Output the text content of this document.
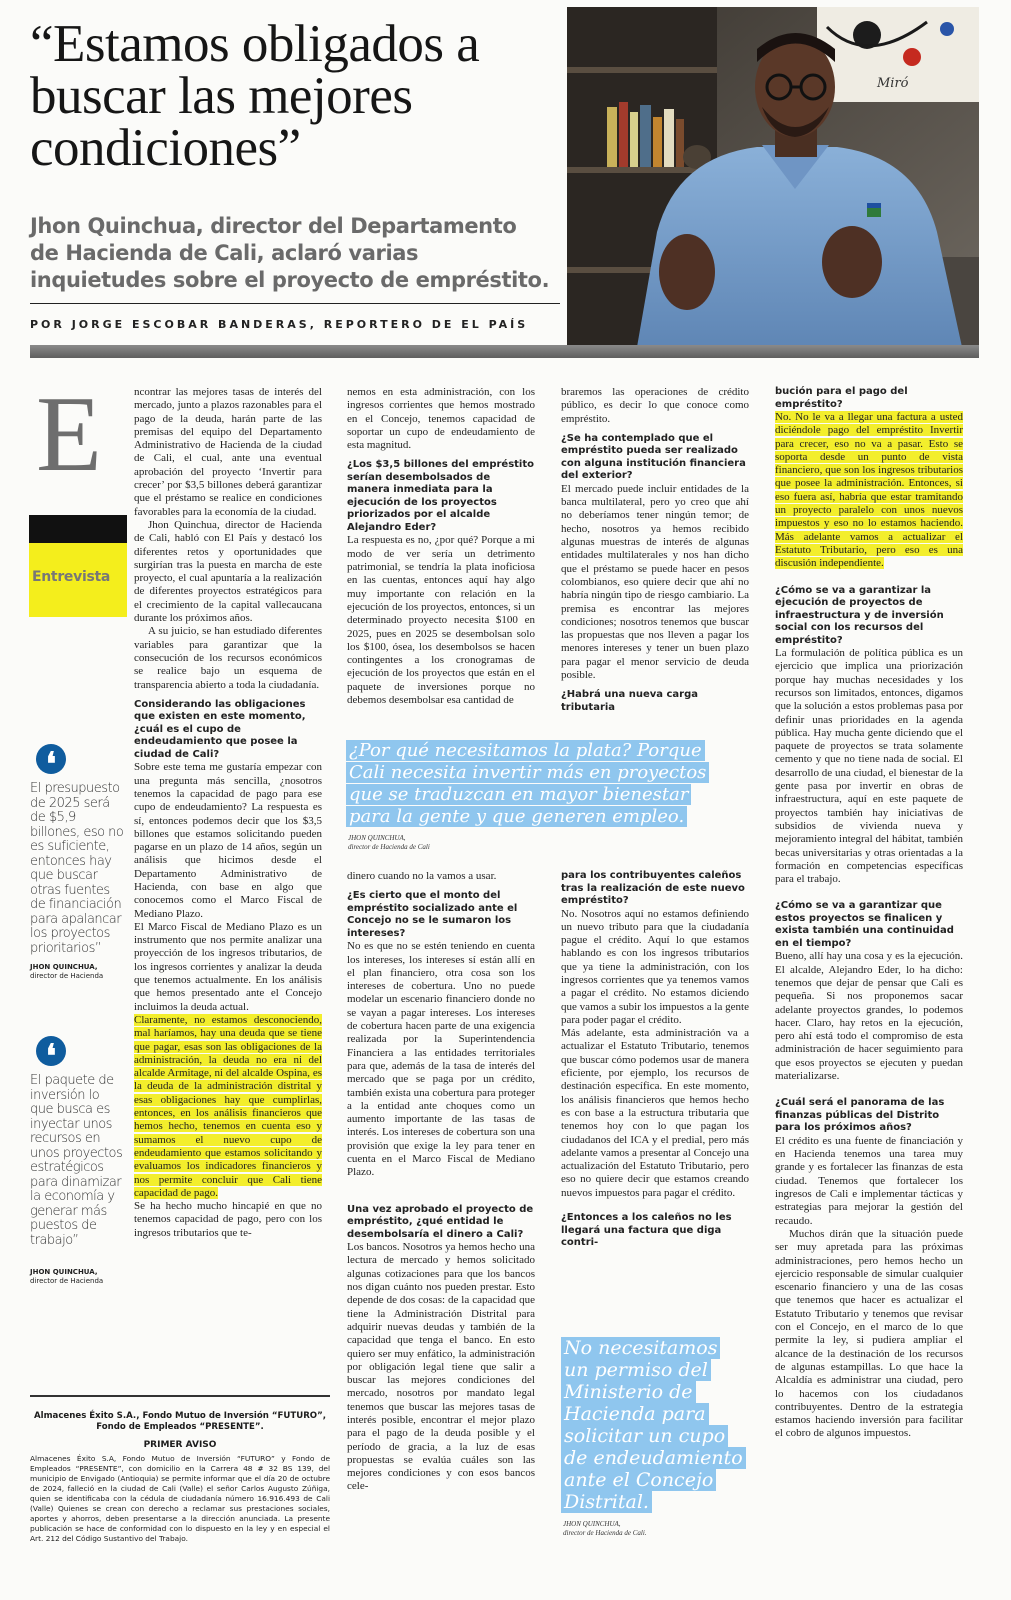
“Estamos obligados a buscar las mejores condiciones”
Jhon Quinchua, director del Departamento de Hacienda de Cali, aclaró varias inquietudes sobre el proyecto de empréstito.
POR JORGE ESCOBAR BANDERAS, REPORTERO DE EL PAÍS
Miró
E
Entrevista
❛
El presupuesto de 2025 será de $5,9 billones, eso no es suficiente, entonces hay que buscar otras fuentes de financiación para apalancar los proyectos prioritarios”
JHON QUINCHUA,
director de Hacienda
❛
El paquete de inversión lo que busca es inyectar unos recursos en unos proyectos estratégicos para dinamizar la economía y generar más puestos de trabajo”
JHON QUINCHUA,
director de Hacienda

ncontrar las mejores tasas de interés del mercado, junto a plazos razonables para el pago de la deuda, harán parte de las premisas del equipo del Departamento Administrativo de Hacienda de la ciudad de Cali, el cual, ante una eventual aprobación del proyecto ‘Invertir para crecer’ por $3,5 billones deberá garantizar que el préstamo se realice en condiciones favorables para la economía de la ciudad.

Jhon Quinchua, director de Hacienda de Cali, habló con El País y destacó los diferentes retos y oportunidades que surgirían tras la puesta en marcha de este proyecto, el cual apuntaría a la realización de diferentes proyectos estratégicos para el crecimiento de la capital vallecaucana durante los próximos años.

A su juicio, se han estudiado diferentes variables para garantizar que la consecución de los recursos económicos se realice bajo un esquema de transparencia abierto a toda la ciudadanía.

Considerando las obligaciones que existen en este momento, ¿cuál es el cupo de endeudamiento que posee la ciudad de Cali?

Sobre este tema me gustaría empezar con una pregunta más sencilla, ¿nosotros tenemos la capacidad de pago para ese cupo de endeudamiento? La respuesta es sí, entonces podemos decir que los $3,5 billones que estamos solicitando pueden pagarse en un plazo de 14 años, según un análisis que hicimos desde el Departamento Administrativo de Hacienda, con base en algo que conocemos como el Marco Fiscal de Mediano Plazo.

El Marco Fiscal de Mediano Plazo es un instrumento que nos permite analizar una proyección de los ingresos tributarios, de los ingresos corrientes y analizar la deuda que tenemos actualmente. En los análisis que hemos presentado ante el Concejo incluimos la deuda actual.

Claramente, no estamos desconociendo, mal haríamos, hay una deuda que se tiene que pagar, esas son las obligaciones de la administración, la deuda no era ni del alcalde Armitage, ni del alcalde Ospina, es la deuda de la administración distrital y esas obligaciones hay que cumplirlas, entonces, en los análisis financieros que hemos hecho, tenemos en cuenta eso y sumamos el nuevo cupo de endeudamiento que estamos solicitando y evaluamos los indicadores financieros y nos permite concluir que Cali tiene capacidad de pago.

Se ha hecho mucho hincapié en que no tenemos capacidad de pago, pero con los ingresos tributarios que te-

nemos en esta administración, con los ingresos corrientes que hemos mostrado en el Concejo, tenemos capacidad de soportar un cupo de endeudamiento de esta magnitud.

¿Los $3,5 billones del empréstito serían desembolsados de manera inmediata para la ejecución de los proyectos priorizados por el alcalde Alejandro Eder?

La respuesta es no, ¿por qué? Porque a mi modo de ver sería un detrimento patrimonial, se tendría la plata inoficiosa en las cuentas, entonces aquí hay algo muy importante con relación en la ejecución de los proyectos, entonces, si un determinado proyecto necesita $100 en 2025, pues en 2025 se desembolsan solo los $100, ósea, los desembolsos se hacen contingentes a los cronogramas de ejecución de los proyectos que están en el paquete de inversiones porque no debemos desembolsar esa cantidad de

braremos las operaciones de crédito público, es decir lo que conoce como empréstito.

¿Se ha contemplado que el empréstito pueda ser realizado con alguna institución financiera del exterior?

El mercado puede incluir entidades de la banca multilateral, pero yo creo que ahí no deberíamos tener ningún temor; de hecho, nosotros ya hemos recibido algunas muestras de interés de algunas entidades multilaterales y nos han dicho que el préstamo se puede hacer en pesos colombianos, eso quiere decir que ahí no habría ningún tipo de riesgo cambiario. La premisa es encontrar las mejores condiciones; nosotros tenemos que buscar las propuestas que nos lleven a pagar los menores intereses y tener un buen plazo para pagar el menor servicio de deuda posible.

¿Habrá una nueva carga tributaria
¿Por qué necesitamos la plata? Porque Cali necesita invertir más en proyectos que se traduzcan en mayor bienestar para la gente y que generen empleo.
JHON QUINCHUA,
director de Hacienda de Cali

dinero cuando no la vamos a usar.

¿Es cierto que el monto del empréstito socializado ante el Concejo no se le sumaron los intereses?

No es que no se estén teniendo en cuenta los intereses, los intereses sí están allí en el plan financiero, otra cosa son los intereses de cobertura. Uno no puede modelar un escenario financiero donde no se vayan a pagar intereses. Los intereses de cobertura hacen parte de una exigencia realizada por la Superintendencia Financiera a las entidades territoriales para que, además de la tasa de interés del mercado que se paga por un crédito, también exista una cobertura para proteger a la entidad ante choques como un aumento importante de las tasas de interés. Los intereses de cobertura son una provisión que exige la ley para tener en cuenta en el Marco Fiscal de Mediano Plazo.

Una vez aprobado el proyecto de empréstito, ¿qué entidad le desembolsaría el dinero a Cali?

Los bancos. Nosotros ya hemos hecho una lectura de mercado y hemos solicitado algunas cotizaciones para que los bancos nos digan cuánto nos pueden prestar. Esto depende de dos cosas: de la capacidad que tiene la Administración Distrital para adquirir nuevas deudas y también de la capacidad que tenga el banco. En esto quiero ser muy enfático, la administración por obligación legal tiene que salir a buscar las mejores condiciones del mercado, nosotros por mandato legal tenemos que buscar las mejores tasas de interés posible, encontrar el mejor plazo para el pago de la deuda posible y el período de gracia, a la luz de esas propuestas se evalúa cuáles son las mejores condiciones y con esos bancos cele-

para los contribuyentes caleños tras la realización de este nuevo empréstito?

No. Nosotros aquí no estamos definiendo un nuevo tributo para que la ciudadanía pague el crédito. Aquí lo que estamos hablando es con los ingresos tributarios que ya tiene la administración, con los ingresos corrientes que ya tenemos vamos a pagar el crédito. No estamos diciendo que vamos a subir los impuestos a la gente para poder pagar el crédito.

Más adelante, esta administración va a actualizar el Estatuto Tributario, tenemos que buscar cómo podemos usar de manera eficiente, por ejemplo, los recursos de destinación específica. En este momento, los análisis financieros que hemos hecho es con base a la estructura tributaria que tenemos hoy con lo que pagan los ciudadanos del ICA y el predial, pero más adelante vamos a presentar al Concejo una actualización del Estatuto Tributario, pero eso no quiere decir que estamos creando nuevos impuestos para pagar el crédito.

¿Entonces a los caleños no les llegará una factura que diga contri-
No necesitamos un permiso del Ministerio de Hacienda para solicitar un cupo de endeudamiento ante el Concejo Distrital.
JHON QUINCHUA,
director de Hacienda de Cali.
bución para el pago del empréstito?

No. No le va a llegar una factura a usted diciéndole pago del empréstito Invertir para crecer, eso no va a pasar. Esto se soporta desde un punto de vista financiero, que son los ingresos tributarios que posee la administración. Entonces, si eso fuera así, habría que estar tramitando un proyecto paralelo con unos nuevos impuestos y eso no lo estamos haciendo. Más adelante vamos a actualizar el Estatuto Tributario, pero eso es una discusión independiente.

¿Cómo se va a garantizar la ejecución de proyectos de infraestructura y de inversión social con los recursos del empréstito?

La formulación de política pública es un ejercicio que implica una priorización porque hay muchas necesidades y los recursos son limitados, entonces, digamos que la solución a estos problemas pasa por definir unas prioridades en la agenda pública. Hay mucha gente diciendo que el paquete de proyectos se trata solamente cemento y que no tiene nada de social. El desarrollo de una ciudad, el bienestar de la gente pasa por invertir en obras de infraestructura, aquí en este paquete de proyectos también hay iniciativas de subsidios de vivienda nueva y mejoramiento integral del hábitat, también becas universitarias y otras orientadas a la formación en competencias específicas para el trabajo.

¿Cómo se va a garantizar que estos proyectos se finalicen y exista también una continuidad en el tiempo?

Bueno, allí hay una cosa y es la ejecución. El alcalde, Alejandro Eder, lo ha dicho: tenemos que dejar de pensar que Cali es pequeña. Si nos proponemos sacar adelante proyectos grandes, lo podemos hacer. Claro, hay retos en la ejecución, pero ahí está todo el compromiso de esta administración de hacer seguimiento para que esos proyectos se ejecuten y puedan materializarse.

¿Cuál será el panorama de las finanzas públicas del Distrito para los próximos años?

El crédito es una fuente de financiación y en Hacienda tenemos una tarea muy grande y es fortalecer las finanzas de esta ciudad. Tenemos que fortalecer los ingresos de Cali e implementar tácticas y estrategias para mejorar la gestión del recaudo.

Muchos dirán que la situación puede ser muy apretada para las próximas administraciones, pero hemos hecho un ejercicio responsable de simular cualquier escenario financiero y una de las cosas que tenemos que hacer es actualizar el Estatuto Tributario y tenemos que revisar con el Concejo, en el marco de lo que permite la ley, si pudiera ampliar el alcance de la destinación de los recursos de algunas estampillas. Lo que hace la Alcaldía es administrar una ciudad, pero lo hacemos con los ciudadanos contribuyentes. Dentro de la estrategia estamos haciendo inversión para facilitar el cobro de algunos impuestos.

Almacenes Éxito S.A., Fondo Mutuo de Inversión “FUTURO”, Fondo de Empleados “PRESENTE”.
PRIMER AVISO
Almacenes Éxito S.A, Fondo Mutuo de Inversión “FUTURO” y Fondo de Empleados “PRESENTE”, con domicilio en la Carrera 48 # 32 BS 139, del municipio de Envigado (Antioquia) se permite informar que el día 20 de octubre de 2024, falleció en la ciudad de Cali (Valle) el señor Carlos Augusto Zúñiga, quien se identificaba con la cédula de ciudadanía número 16.916.493 de Cali (Valle) Quienes se crean con derecho a reclamar sus prestaciones sociales, aportes y ahorros, deben presentarse a la dirección anunciada. La presente publicación se hace de conformidad con lo dispuesto en la ley y en especial el Art. 212 del Código Sustantivo del Trabajo.
